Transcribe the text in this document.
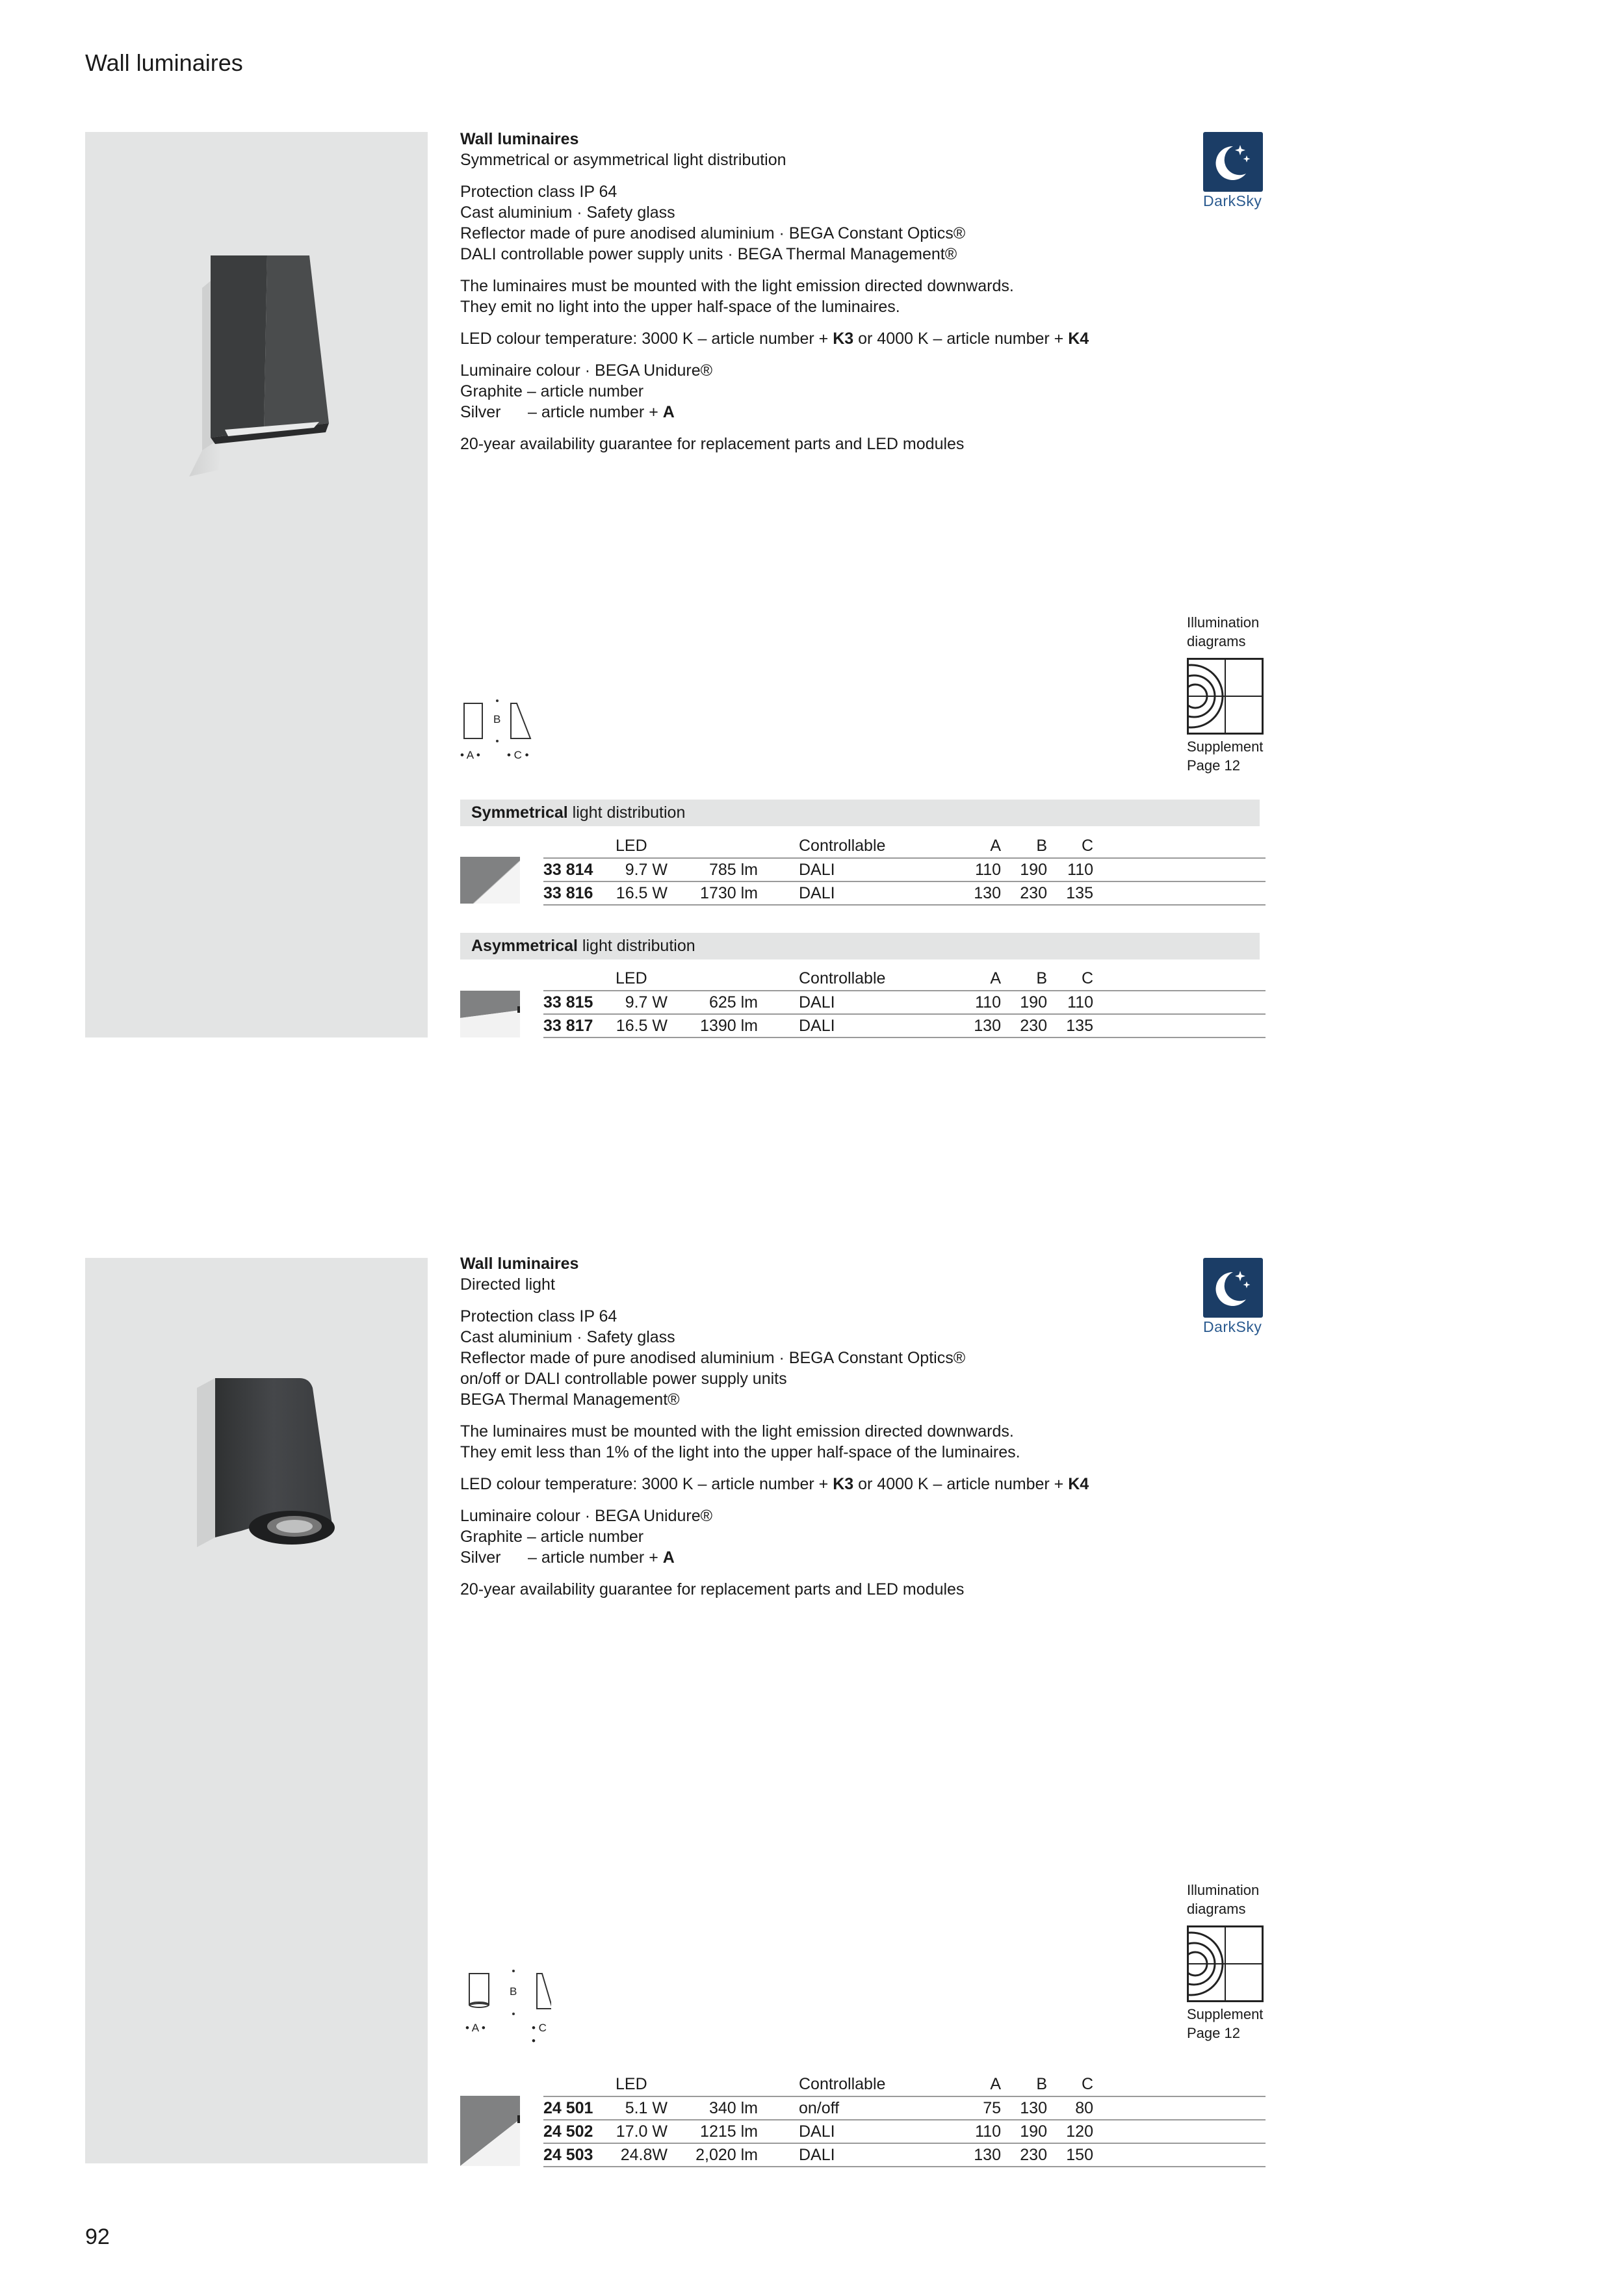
Wall luminaires

Wall luminaires
Symmetrical or asymmetrical light distribution

Protection class IP 64
Cast aluminium · Safety glass
Reflector made of pure anodised aluminium · BEGA Constant Optics®
DALI controllable power supply units · BEGA Thermal Management®

The luminaires must be mounted with the light emission directed downwards.
They emit no light into the upper half-space of the luminaires.

LED colour temperature: 3000 K – article number + K3 or 4000 K – article number + K4

Luminaire colour · BEGA Unidure®
Graphite – article number
Silver – article number + A

20-year availability guarantee for replacement parts and LED modules

DarkSky
Illumination
diagrams
Supplement
Page 12
B
• A • • C •
Symmetrical light distribution
	LED		Controllable	A	B	C	
33 814	9.7 W	785 lm	DALI	110	190	110	
33 816	16.5 W	1730 lm	DALI	130	230	135	
Asymmetrical light distribution
	LED		Controllable	A	B	C	
33 815	9.7 W	625 lm	DALI	110	190	110	
33 817	16.5 W	1390 lm	DALI	130	230	135	

Wall luminaires
Directed light

Protection class IP 64
Cast aluminium · Safety glass
Reflector made of pure anodised aluminium · BEGA Constant Optics®
on/off or DALI controllable power supply units
BEGA Thermal Management®

The luminaires must be mounted with the light emission directed downwards.
They emit less than 1% of the light into the upper half-space of the luminaires.

LED colour temperature: 3000 K – article number + K3 or 4000 K – article number + K4

Luminaire colour · BEGA Unidure®
Graphite – article number
Silver – article number + A

20-year availability guarantee for replacement parts and LED modules

DarkSky
Illumination
diagrams
Supplement
Page 12
B
• A •	• C •
	LED		Controllable	A	B	C	
24 501	5.1 W	340 lm	on/off	75	130	80	
24 502	17.0 W	1215 lm	DALI	110	190	120	
24 503	24.8W	2,020 lm	DALI	130	230	150	
92
